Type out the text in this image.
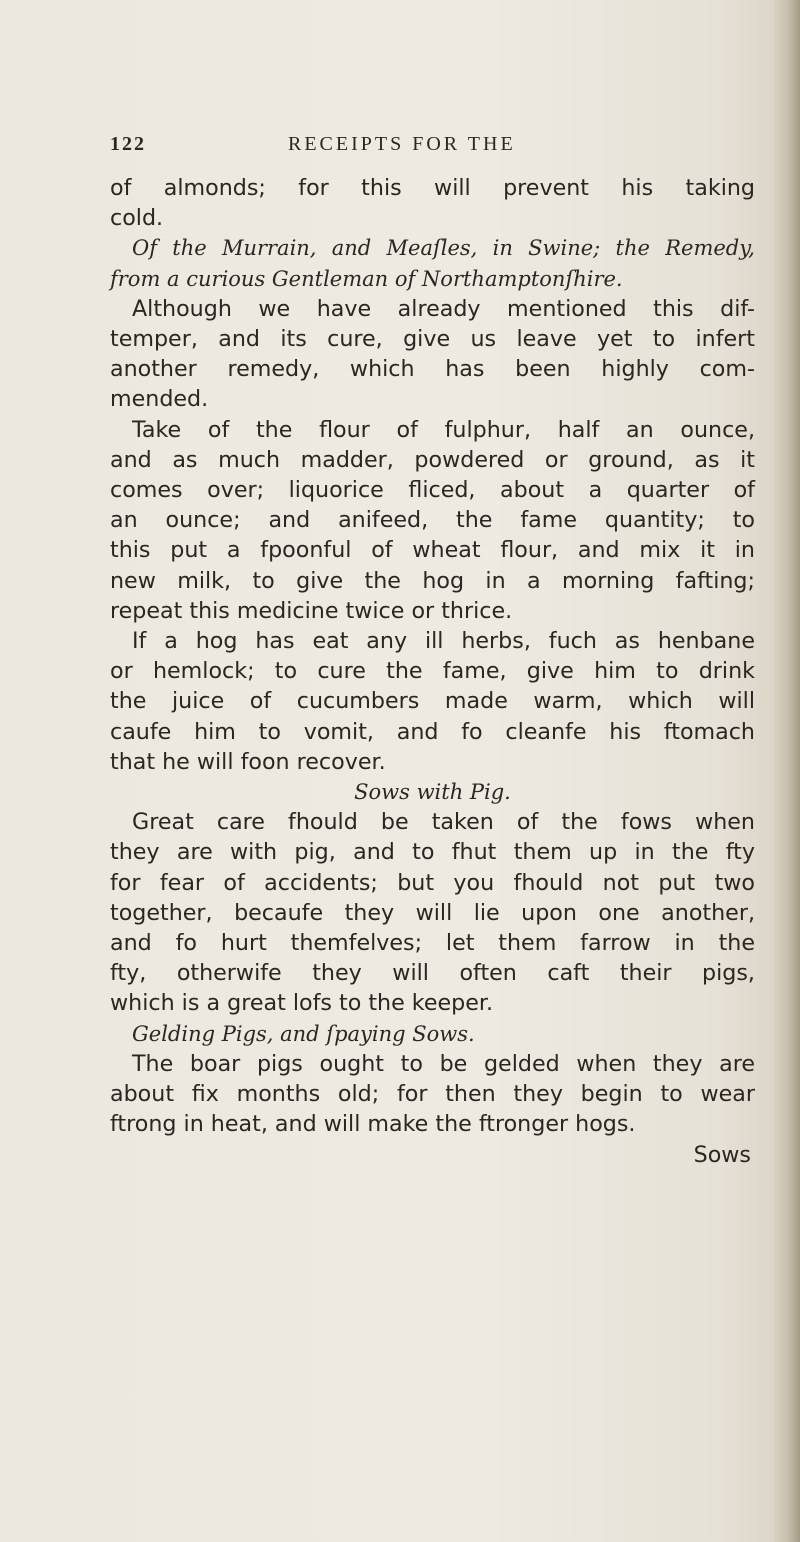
122	RECEIPTS FOR THE

of almonds; for this will prevent his taking
cold.

Of the Murrain, and Meaſles, in Swine; the Remedy,
from a curious Gentleman of Northamptonſhire.

Although we have already mentioned this dif-
temper, and its cure, give us leave yet to infert
another remedy, which has been highly com-
mended.

Take of the flour of fulphur, half an ounce,
and as much madder, powdered or ground, as it
comes over; liquorice fliced, about a quarter of
an ounce; and anifeed, the fame quantity; to
this put a fpoonful of wheat flour, and mix it in
new milk, to give the hog in a morning fafting;
repeat this medicine twice or thrice.

If a hog has eat any ill herbs, fuch as henbane
or hemlock; to cure the fame, give him to drink
the juice of cucumbers made warm, which will
caufe him to vomit, and fo cleanfe his ftomach
that he will foon recover.

Sows with Pig.

Great care fhould be taken of the fows when
they are with pig, and to fhut them up in the fty
for fear of accidents; but you fhould not put two
together, becaufe they will lie upon one another,
and fo hurt themfelves; let them farrow in the
fty, otherwife they will often caft their pigs,
which is a great lofs to the keeper.

Gelding Pigs, and ſpaying Sows.

The boar pigs ought to be gelded when they are
about fix months old; for then they begin to wear
ftrong in heat, and will make the ftronger hogs.

Sows
